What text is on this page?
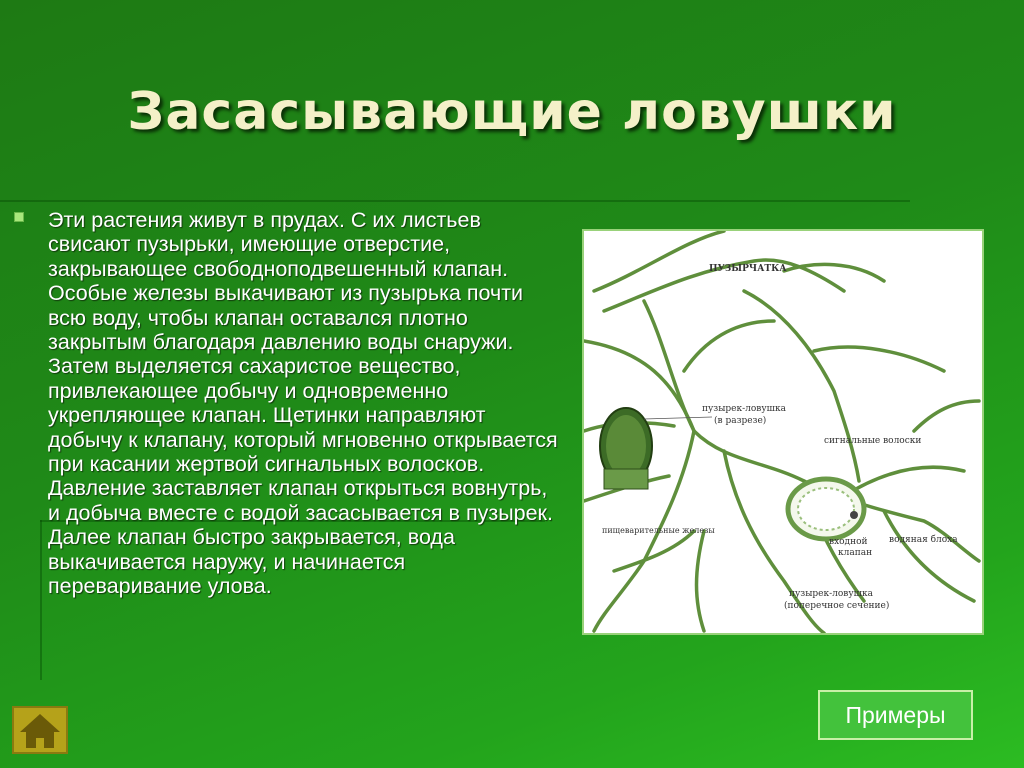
Засасывающие ловушки
Эти растения живут в прудах. С их листьев свисают пузырьки, имеющие отверстие, закрывающее свободноподвешенный клапан. Особые железы выкачивают из пузырька почти всю воду, чтобы клапан оставался плотно закрытым благодаря давлению воды снаружи. Затем выделяется сахаристое вещество, привлекающее добычу и одновременно укрепляющее клапан. Щетинки направляют добычу к клапану, который мгновенно открывается при касании жертвой сигнальных волосков. Давление заставляет клапан открыться вовнутрь, и добыча вместе с водой засасывается в пузырек. Далее клапан быстро закрывается, вода выкачивается наружу, и начинается переваривание улова.
ПУЗЫРЧАТКА
пузырек-ловушка
(в разрезе)
сигнальные волоски
пищеварительные железы
входной
клапан
водяная блоха
пузырек-ловушка
(поперечное сечение)
Примеры
